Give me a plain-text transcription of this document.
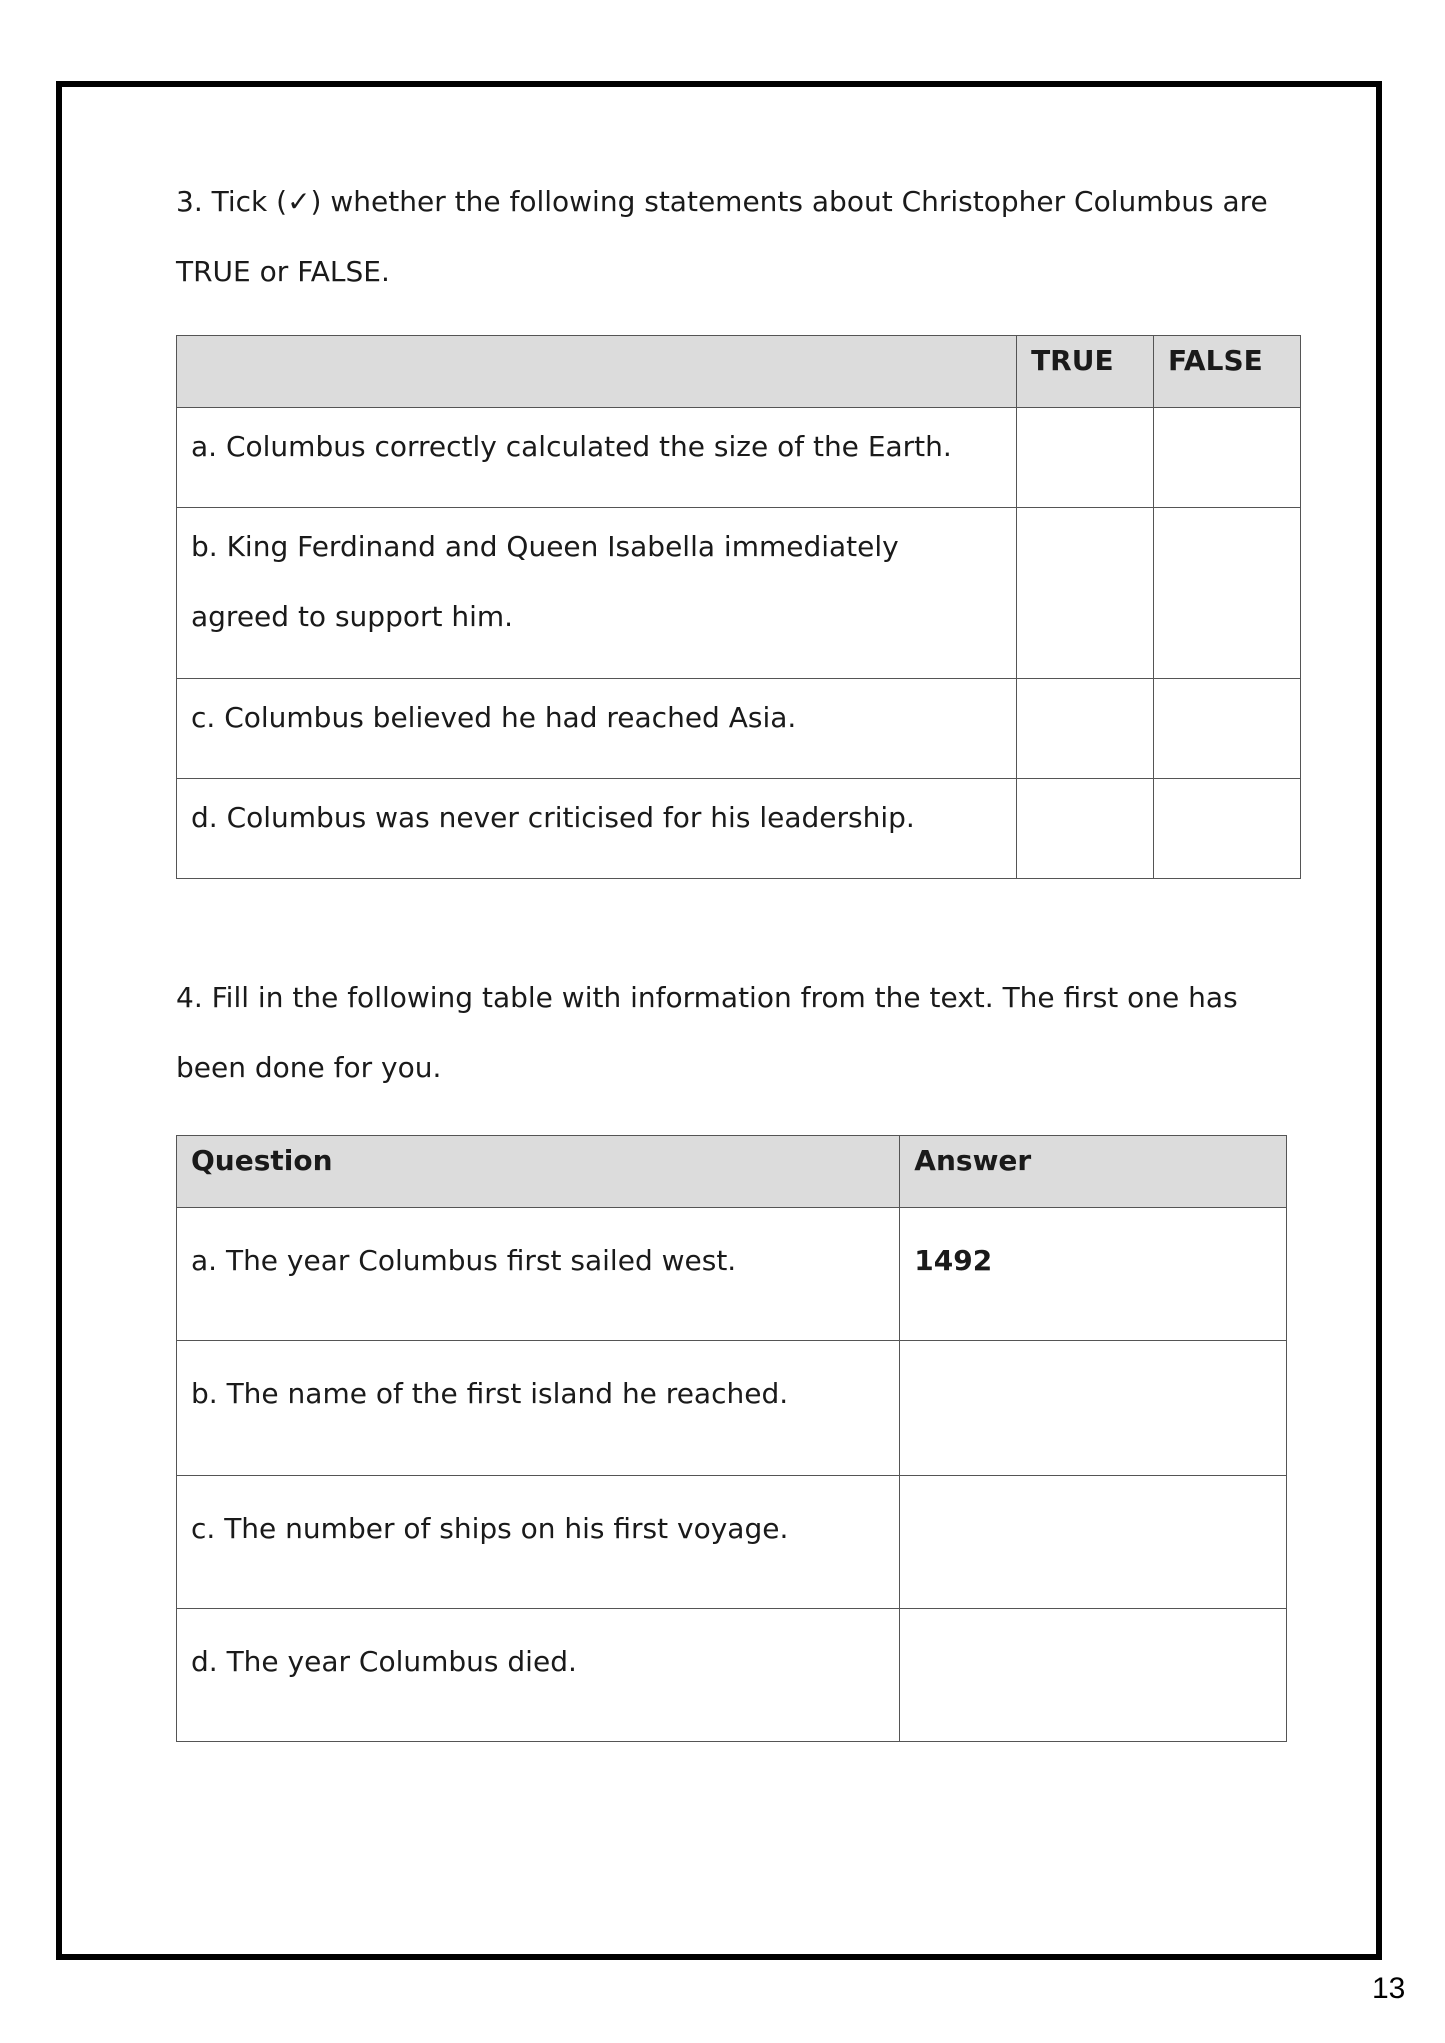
3. Tick (✓) whether the following statements about Christopher Columbus are TRUE or FALSE.

	TRUE	FALSE
a. Columbus correctly calculated the size of the Earth.		
b. King Ferdinand and Queen Isabella immediately agreed to support him.		
c. Columbus believed he had reached Asia.		
d. Columbus was never criticised for his leadership.		

4. Fill in the following table with information from the text. The first one has been done for you.

Question	Answer
a. The year Columbus first sailed west.	1492
b. The name of the first island he reached.	
c. The number of ships on his first voyage.	
d. The year Columbus died.	
13
